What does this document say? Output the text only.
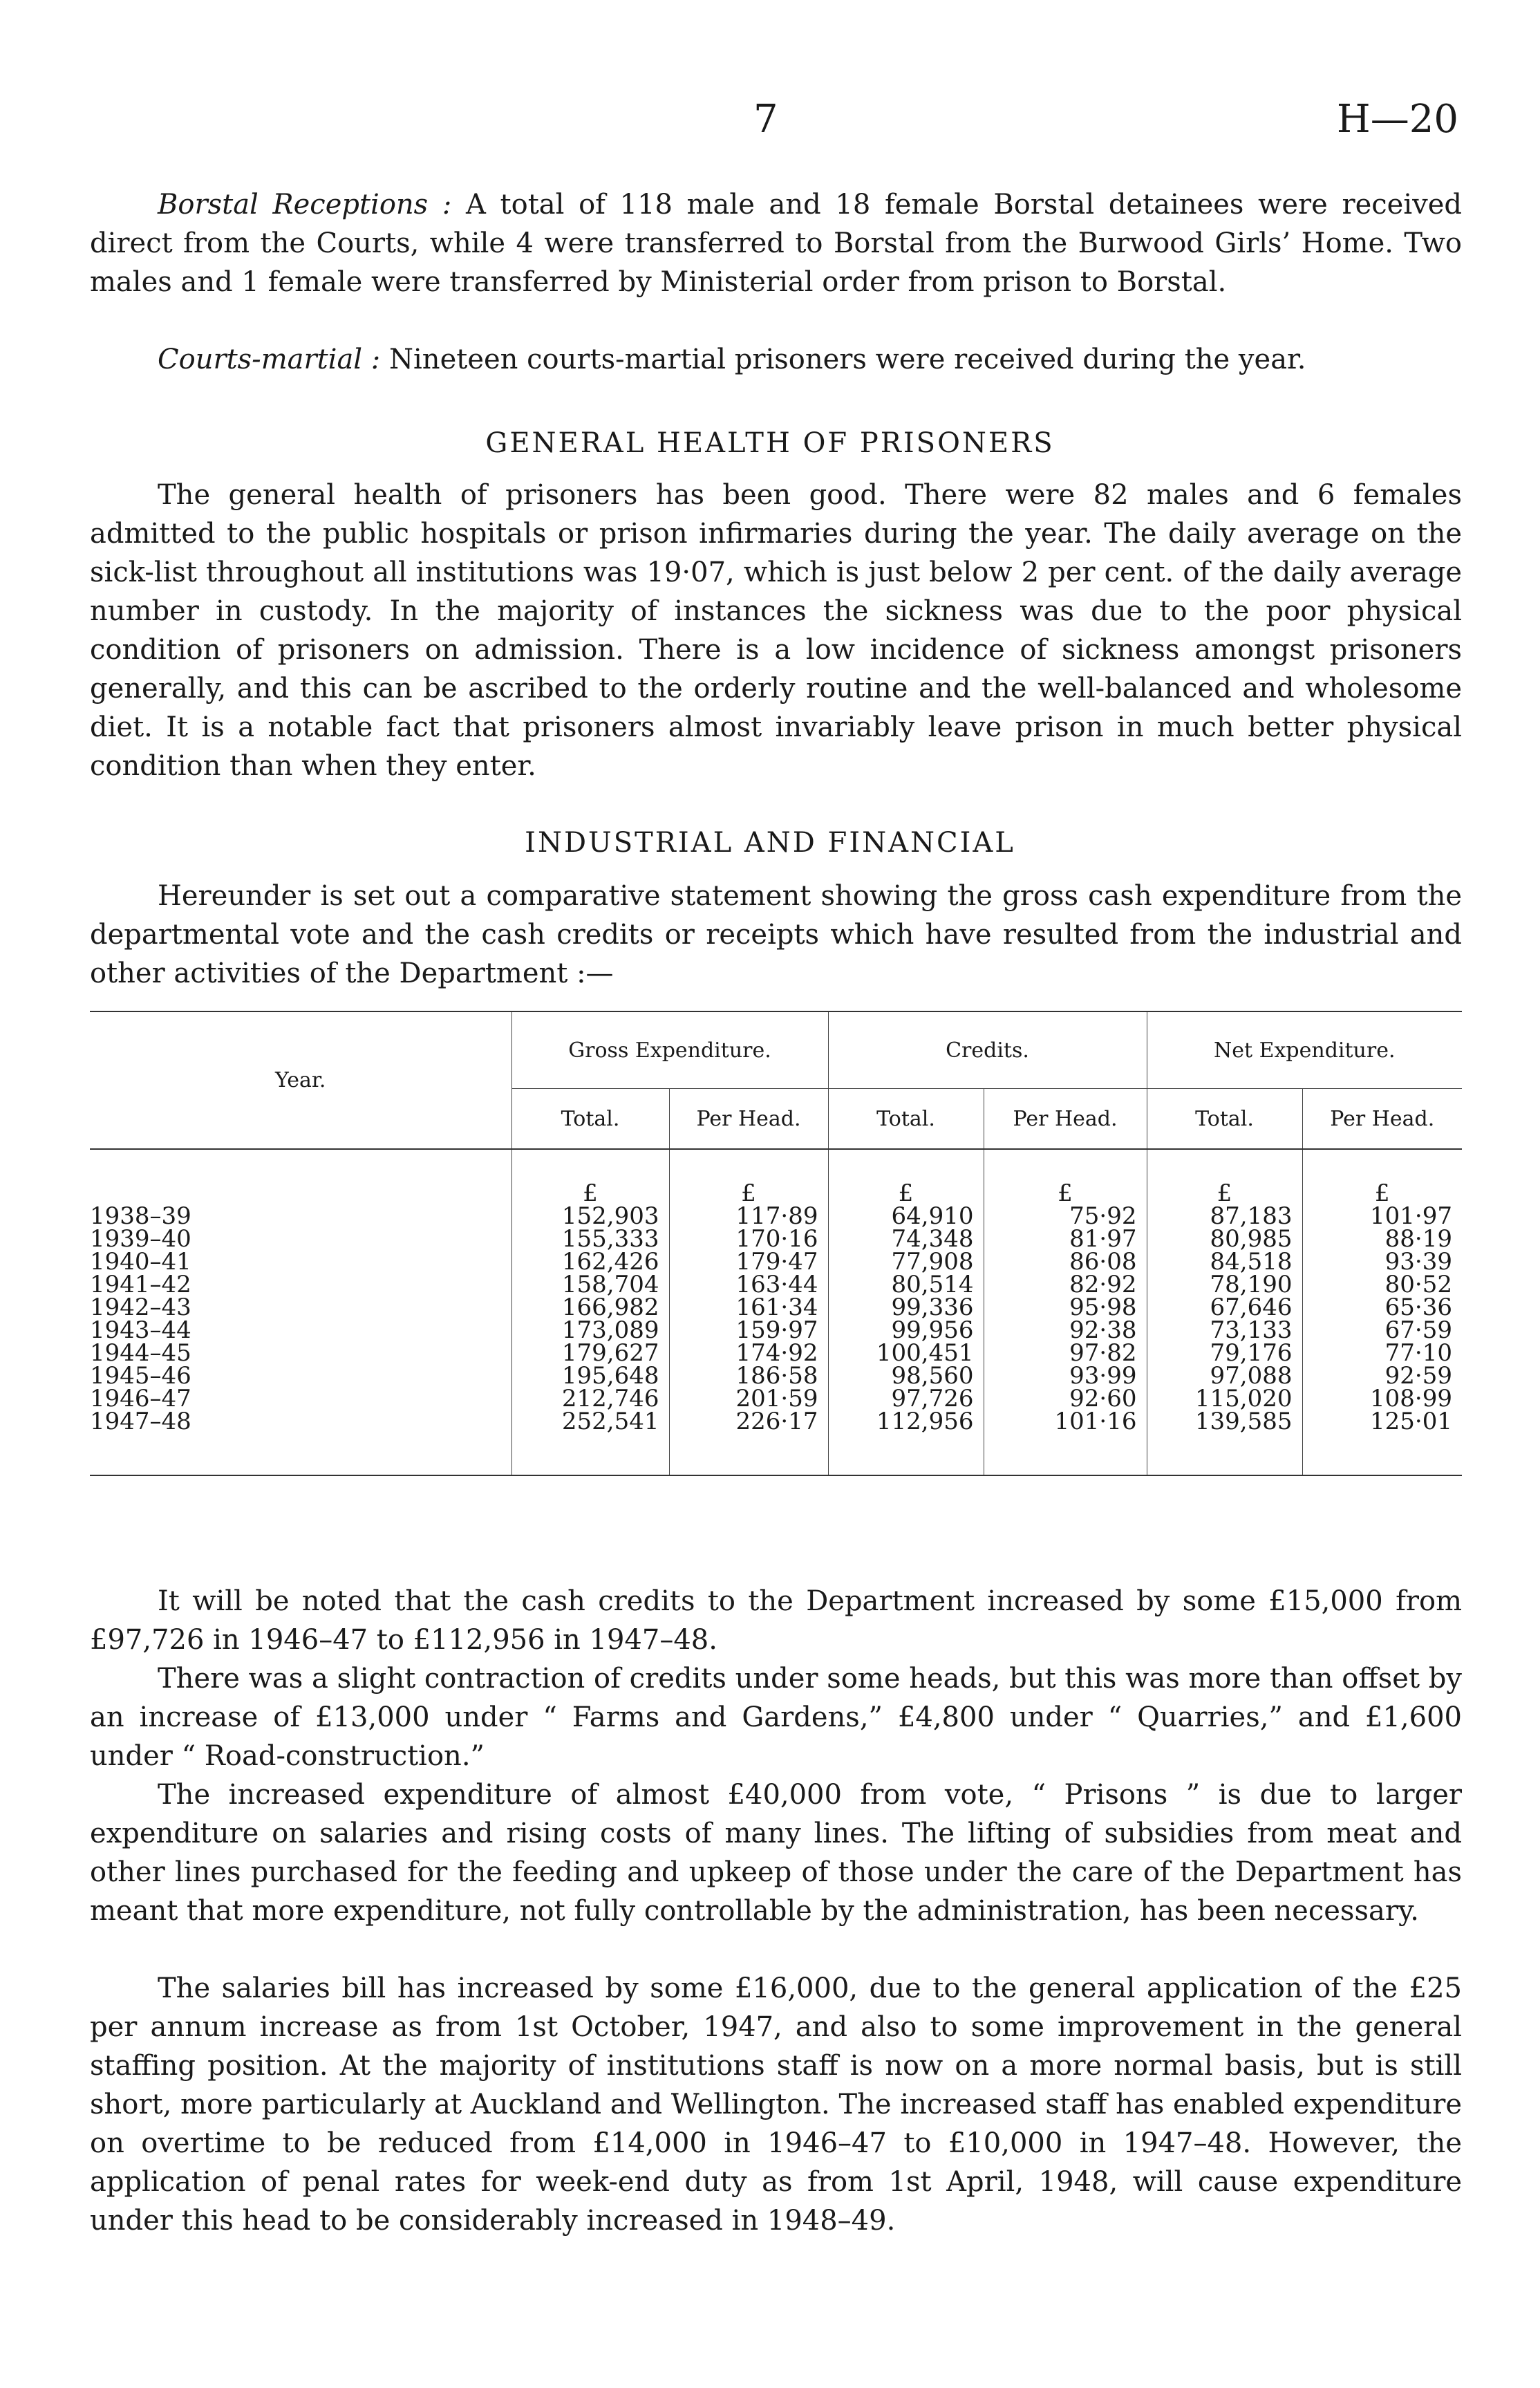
7	H—20

Borstal Receptions : A total of 118 male and 18 female Borstal detainees were received direct from the Courts, while 4 were transferred to Borstal from the Burwood Girls’ Home. Two males and 1 female were transferred by Ministerial order from prison to Borstal.

Courts-martial : Nineteen courts-martial prisoners were received during the year.

GENERAL HEALTH OF PRISONERS

The general health of prisoners has been good. There were 82 males and 6 females admitted to the public hospitals or prison infirmaries during the year. The daily average on the sick-list throughout all institutions was 19·07, which is just below 2 per cent. of the daily average number in custody. In the majority of instances the sickness was due to the poor physical condition of prisoners on admission. There is a low incidence of sickness amongst prisoners generally, and this can be ascribed to the orderly routine and the well-balanced and wholesome diet. It is a notable fact that prisoners almost invariably leave prison in much better physical condition than when they enter.

INDUSTRIAL AND FINANCIAL

Hereunder is set out a comparative statement showing the gross cash expenditure from the departmental vote and the cash credits or receipts which have resulted from the industrial and other activities of the Department :—

Year.	Gross Expenditure.		Credits.		Net Expenditure.	
	Total.	Per Head.	Total.	Per Head.	Total.	Per Head.
	£	£	£	£	£	£
1938–39	152,903	117·89	64,910	75·92	87,183	101·97
1939–40	155,333	170·16	74,348	81·97	80,985	88·19
1940–41	162,426	179·47	77,908	86·08	84,518	93·39
1941–42	158,704	163·44	80,514	82·92	78,190	80·52
1942–43	166,982	161·34	99,336	95·98	67,646	65·36
1943–44	173,089	159·97	99,956	92·38	73,133	67·59
1944–45	179,627	174·92	100,451	97·82	79,176	77·10
1945–46	195,648	186·58	98,560	93·99	97,088	92·59
1946–47	212,746	201·59	97,726	92·60	115,020	108·99
1947–48	252,541	226·17	112,956	101·16	139,585	125·01

It will be noted that the cash credits to the Department increased by some £15,000 from £97,726 in 1946–47 to £112,956 in 1947–48.

There was a slight contraction of credits under some heads, but this was more than offset by an increase of £13,000 under “ Farms and Gardens,” £4,800 under “ Quarries,” and £1,600 under “ Road-construction.”

The increased expenditure of almost £40,000 from vote, “ Prisons ” is due to larger expenditure on salaries and rising costs of many lines. The lifting of subsidies from meat and other lines purchased for the feeding and upkeep of those under the care of the Department has meant that more expenditure, not fully controllable by the administration, has been necessary.

The salaries bill has increased by some £16,000, due to the general application of the £25 per annum increase as from 1st October, 1947, and also to some improvement in the general staffing position. At the majority of institutions staff is now on a more normal basis, but is still short, more particularly at Auckland and Wellington. The increased staff has enabled expenditure on overtime to be reduced from £14,000 in 1946–47 to £10,000 in 1947–48. However, the application of penal rates for week-end duty as from 1st April, 1948, will cause expenditure under this head to be considerably increased in 1948–49.
